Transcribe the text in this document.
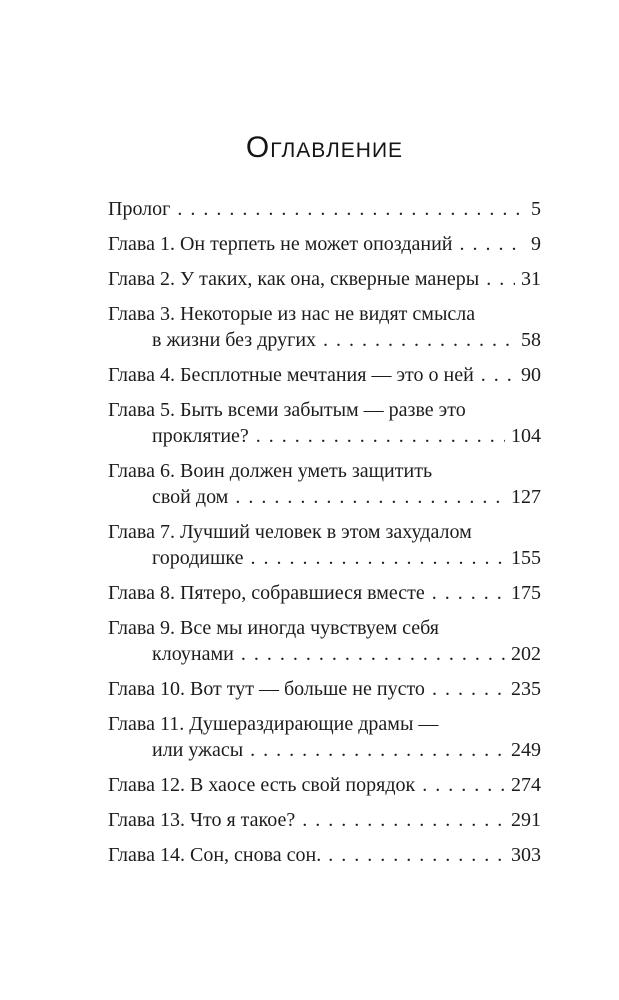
Оглавление
Пролог . . .	5
Глава 1. Он терпеть не может опозданий . . .	9
Глава 2. У таких, как она, скверные манеры . . . 31
Глава 3. Некоторые из нас не видят смысла
в жизни без других . . .	58
Глава 4. Бесплотные мечтания — это о ней . . . 90
Глава 5. Быть всеми забытым — разве это
проклятие? . . .	104
Глава 6. Воин должен уметь защитить
свой дом . . .	127
Глава 7. Лучший человек в этом захудалом
городишке . . .	155
Глава 8. Пятеро, собравшиеся вместе . . .	175
Глава 9. Все мы иногда чувствуем себя
клоунами . . .	202
Глава 10. Вот тут — больше не пусто . . .	235
Глава 11. Душераздирающие драмы —
или ужасы . . .	249
Глава 12. В хаосе есть свой порядок . . .	274
Глава 13. Что я такое? . . .	291
Глава 14. Сон, снова сон. . . .	303
